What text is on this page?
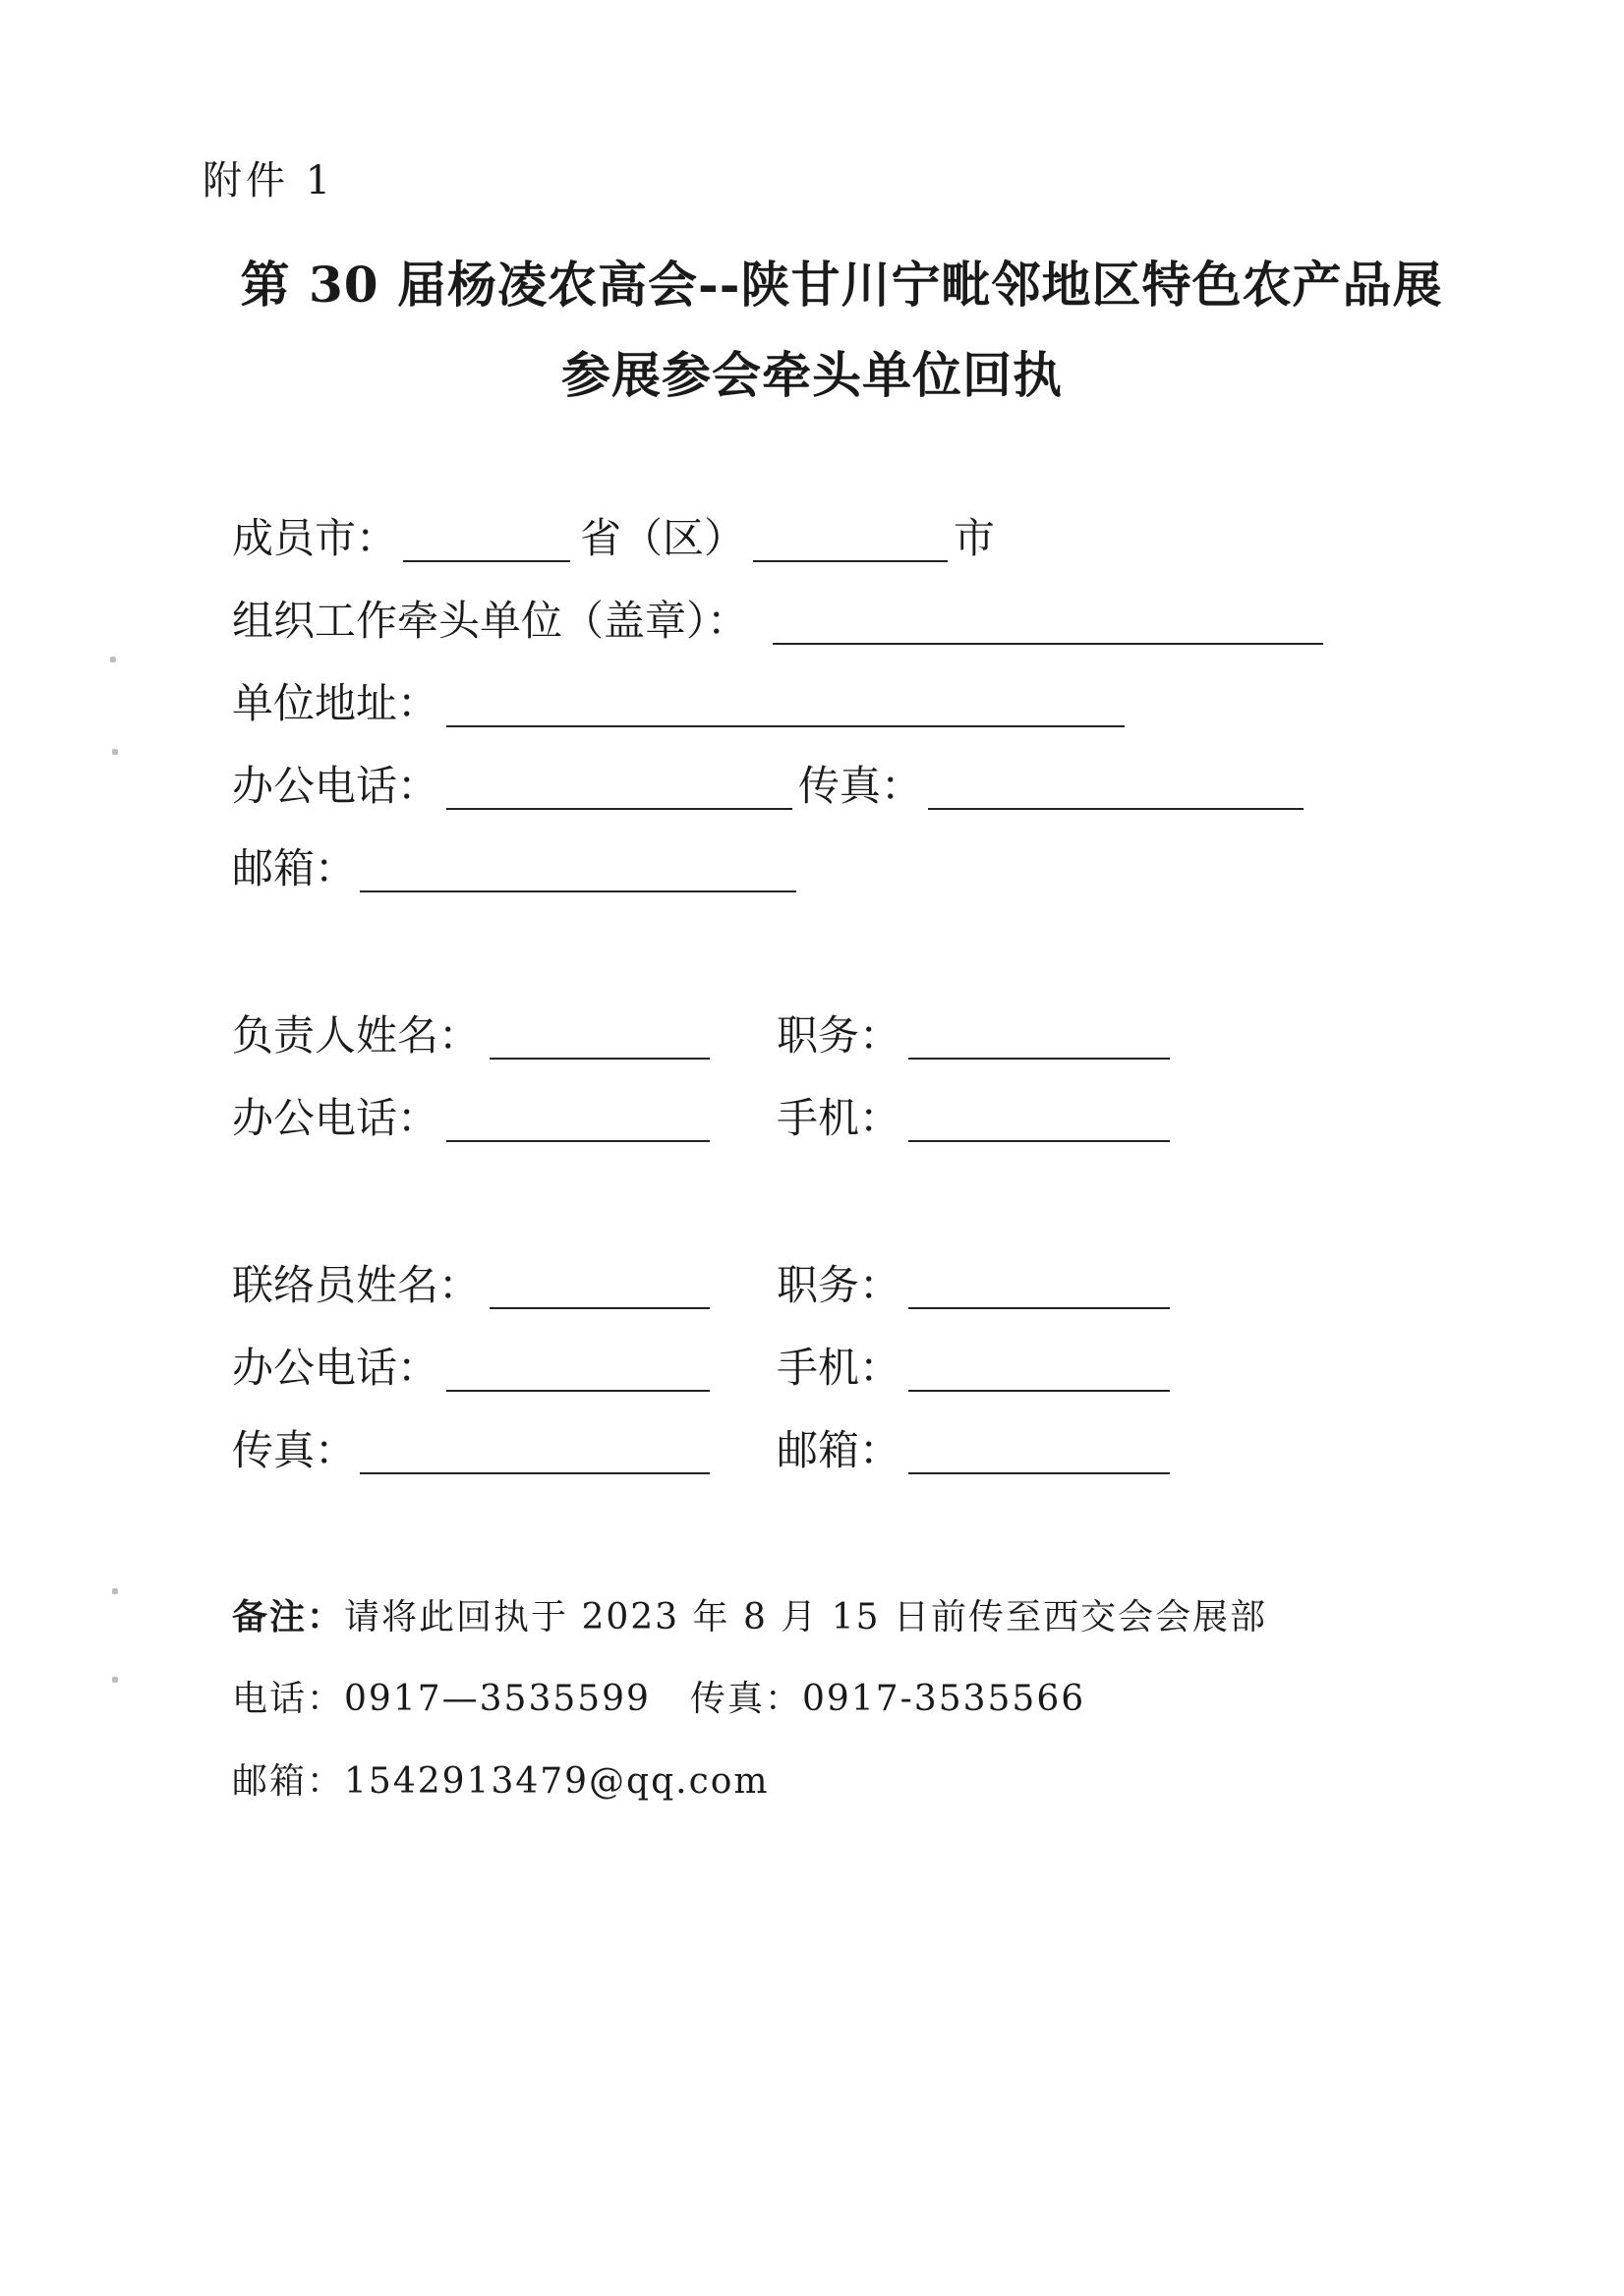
附件 1
第 30 届杨凌农高会--陕甘川宁毗邻地区特色农产品展
参展参会牵头单位回执
成员市：	省（区）	市
组织工作牵头单位（盖章）：
单位地址：
办公电话：	传真：
邮箱：
负责人姓名：	职务：
办公电话：	手机：
联络员姓名：	职务：
办公电话：	手机：
传真：	邮箱：
备注：请将此回执于 2023 年 8 月 15 日前传至西交会会展部
电话：0917—3535599 传真：0917-3535566
邮箱：1542913479@qq.com
